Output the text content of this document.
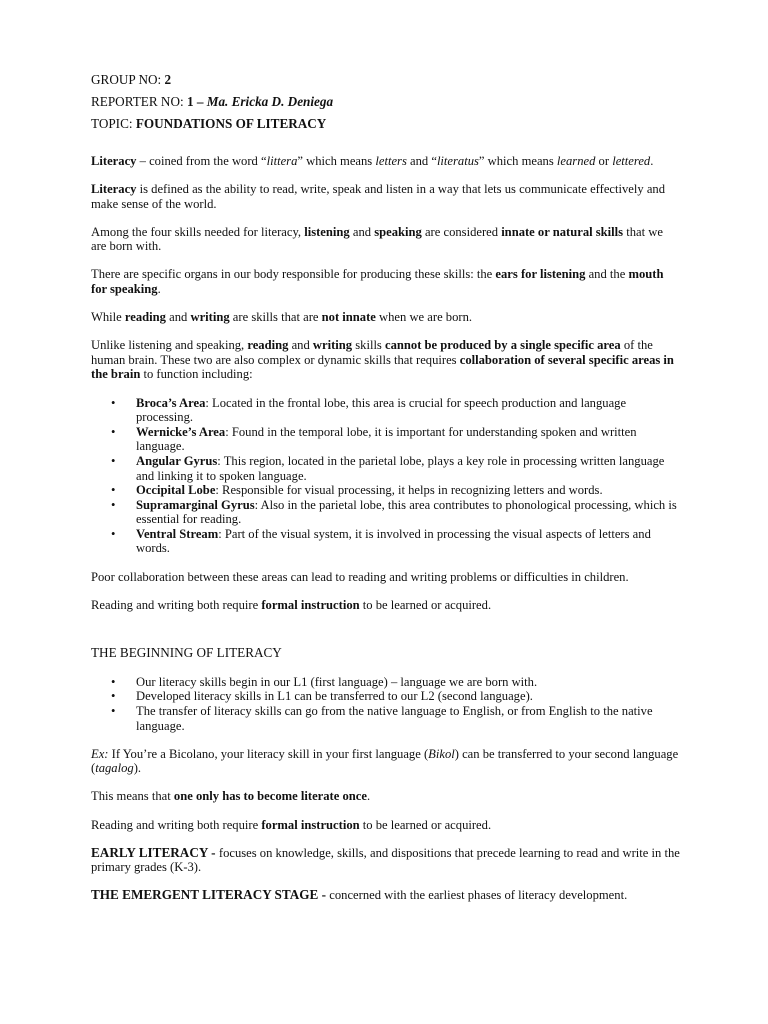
GROUP NO: 2
REPORTER NO: 1 – Ma. Ericka D. Deniega
TOPIC: FOUNDATIONS OF LITERACY

Literacy – coined from the word “littera” which means letters and “literatus” which means learned or lettered.

Literacy is defined as the ability to read, write, speak and listen in a way that lets us communicate effectively and make sense of the world.

Among the four skills needed for literacy, listening and speaking are considered innate or natural skills that we are born with.

There are specific organs in our body responsible for producing these skills: the ears for listening and the mouth for speaking.

While reading and writing are skills that are not innate when we are born.

Unlike listening and speaking, reading and writing skills cannot be produced by a single specific area of the human brain. These two are also complex or dynamic skills that requires collaboration of several specific areas in the brain to function including:

• Broca’s Area: Located in the frontal lobe, this area is crucial for speech production and language processing.
• Wernicke’s Area: Found in the temporal lobe, it is important for understanding spoken and written language.
• Angular Gyrus: This region, located in the parietal lobe, plays a key role in processing written language and linking it to spoken language.
• Occipital Lobe: Responsible for visual processing, it helps in recognizing letters and words.
• Supramarginal Gyrus: Also in the parietal lobe, this area contributes to phonological processing, which is essential for reading.
• Ventral Stream: Part of the visual system, it is involved in processing the visual aspects of letters and words.

Poor collaboration between these areas can lead to reading and writing problems or difficulties in children.

Reading and writing both require formal instruction to be learned or acquired.

THE BEGINNING OF LITERACY
• Our literacy skills begin in our L1 (first language) – language we are born with.
• Developed literacy skills in L1 can be transferred to our L2 (second language).
• The transfer of literacy skills can go from the native language to English, or from English to the native language.

Ex: If You’re a Bicolano, your literacy skill in your first language (Bikol) can be transferred to your second language (tagalog).

This means that one only has to become literate once.

Reading and writing both require formal instruction to be learned or acquired.

EARLY LITERACY - focuses on knowledge, skills, and dispositions that precede learning to read and write in the primary grades (K-3).

THE EMERGENT LITERACY STAGE - concerned with the earliest phases of literacy development.
